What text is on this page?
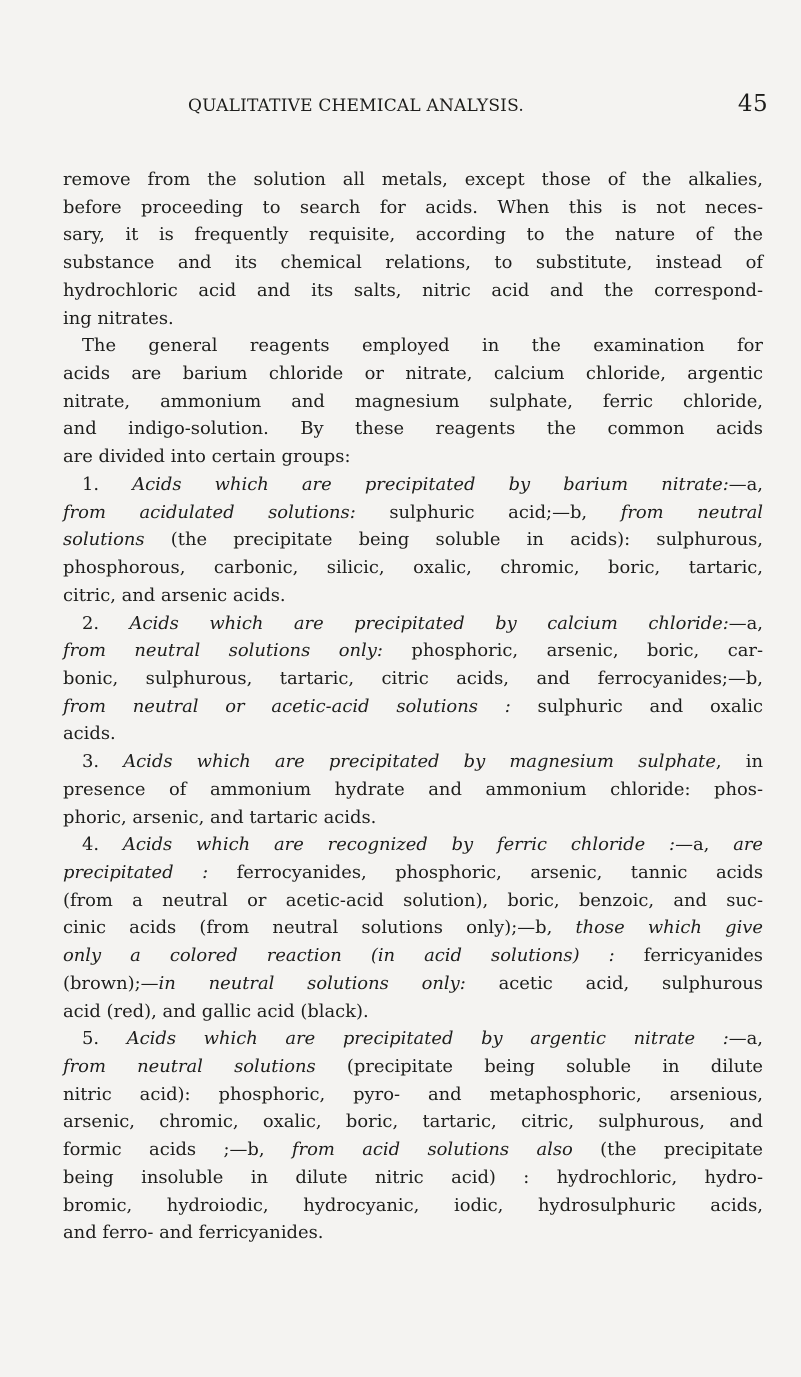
QUALITATIVE CHEMICAL ANALYSIS.	45
remove from the solution all metals, except those of the alkalies,
before proceeding to search for acids. When this is not neces-
sary, it is frequently requisite, according to the nature of the
substance and its chemical relations, to substitute, instead of
hydrochloric acid and its salts, nitric acid and the correspond-
ing nitrates.
The general reagents employed in the examination for
acids are barium chloride or nitrate, calcium chloride, argentic
nitrate, ammonium and magnesium sulphate, ferric chloride,
and indigo-solution. By these reagents the common acids
are divided into certain groups:
1. Acids which are precipitated by barium nitrate:—a,
from acidulated solutions: sulphuric acid;—b, from neutral
solutions (the precipitate being soluble in acids): sulphurous,
phosphorous, carbonic, silicic, oxalic, chromic, boric, tartaric,
citric, and arsenic acids.
2. Acids which are precipitated by calcium chloride:—a,
from neutral solutions only: phosphoric, arsenic, boric, car-
bonic, sulphurous, tartaric, citric acids, and ferrocyanides;—b,
from neutral or acetic-acid solutions : sulphuric and oxalic
acids.
3. Acids which are precipitated by magnesium sulphate, in
presence of ammonium hydrate and ammonium chloride: phos-
phoric, arsenic, and tartaric acids.
4. Acids which are recognized by ferric chloride :—a, are
precipitated : ferrocyanides, phosphoric, arsenic, tannic acids
(from a neutral or acetic-acid solution), boric, benzoic, and suc-
cinic acids (from neutral solutions only);—b, those which give
only a colored reaction (in acid solutions) : ferricyanides
(brown);—in neutral solutions only: acetic acid, sulphurous
acid (red), and gallic acid (black).
5. Acids which are precipitated by argentic nitrate :—a,
from neutral solutions (precipitate being soluble in dilute
nitric acid): phosphoric, pyro- and metaphosphoric, arsenious,
arsenic, chromic, oxalic, boric, tartaric, citric, sulphurous, and
formic acids ;—b, from acid solutions also (the precipitate
being insoluble in dilute nitric acid) : hydrochloric, hydro-
bromic, hydroiodic, hydrocyanic, iodic, hydrosulphuric acids,
and ferro- and ferricyanides.
